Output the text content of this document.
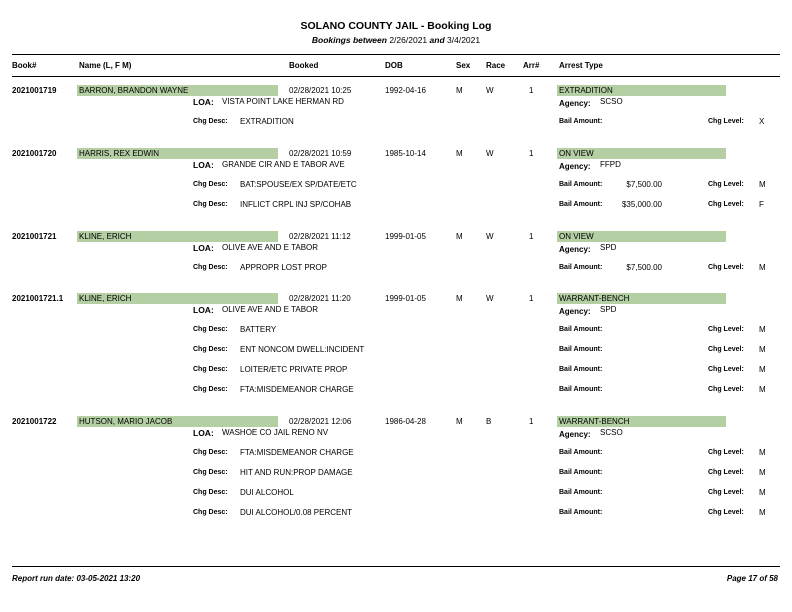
SOLANO COUNTY JAIL - Booking Log
Bookings between 2/26/2021 and 3/4/2021
Book#	Name (L, F M)	Booked	DOB	Sex Race Arr# Arrest Type
2021001719	BARRON, BRANDON WAYNE	02/28/2021 10:25	1992-04-16	M	W	1	EXTRADITION
LOA: VISTA POINT LAKE HERMAN RD	Agency: SCSO
Chg Desc: EXTRADITION	Bail Amount:	Chg Level: X
2021001720	HARRIS, REX EDWIN	02/28/2021 10:59	1985-10-14	M	W	1	ON VIEW
LOA: GRANDE CIR AND E TABOR AVE	Agency: FFPD
Chg Desc: BAT:SPOUSE/EX SP/DATE/ETC	Bail Amount:	$7,500.00	Chg Level: M
Chg Desc: INFLICT CRPL INJ SP/COHAB	Bail Amount:	$35,000.00	Chg Level: F
2021001721	KLINE, ERICH	02/28/2021 11:12	1999-01-05	M	W	1	ON VIEW
LOA: OLIVE AVE AND E TABOR	Agency: SPD
Chg Desc: APPROPR LOST PROP	Bail Amount:	$7,500.00	Chg Level: M
2021001721.1 KLINE, ERICH	02/28/2021 11:20	1999-01-05	M	W	1	WARRANT-BENCH
LOA: OLIVE AVE AND E TABOR	Agency: SPD
Chg Desc: BATTERY	Bail Amount:	Chg Level: M
Chg Desc: ENT NONCOM DWELL:INCIDENT	Bail Amount:	Chg Level: M
Chg Desc: LOITER/ETC PRIVATE PROP	Bail Amount:	Chg Level: M
Chg Desc: FTA:MISDEMEANOR CHARGE	Bail Amount:	Chg Level: M
2021001722	HUTSON, MARIO JACOB	02/28/2021 12:06	1986-04-28	M	B	1	WARRANT-BENCH
LOA: WASHOE CO JAIL RENO NV	Agency: SCSO
Chg Desc: FTA:MISDEMEANOR CHARGE	Bail Amount:	Chg Level: M
Chg Desc: HIT AND RUN:PROP DAMAGE	Bail Amount:	Chg Level: M
Chg Desc: DUI ALCOHOL	Bail Amount:	Chg Level: M
Chg Desc: DUI ALCOHOL/0.08 PERCENT	Bail Amount:	Chg Level: M
Report run date: 03-05-2021 13:20	Page 17 of 58
